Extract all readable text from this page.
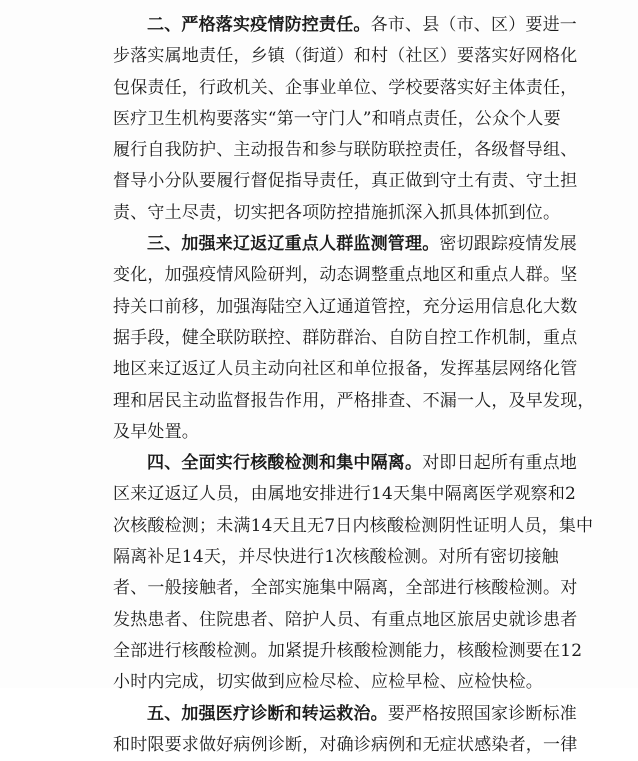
二、严格落实疫情防控责任。各市、县（市、区）要进一
步落实属地责任，乡镇（街道）和村（社区）要落实好网格化
包保责任，行政机关、企事业单位、学校要落实好主体责任，
医疗卫生机构要落实“第一守门人”和哨点责任，公众个人要
履行自我防护、主动报告和参与联防联控责任，各级督导组、
督导小分队要履行督促指导责任，真正做到守土有责、守土担
责、守土尽责，切实把各项防控措施抓深入抓具体抓到位。
三、加强来辽返辽重点人群监测管理。密切跟踪疫情发展
变化，加强疫情风险研判，动态调整重点地区和重点人群。坚
持关口前移，加强海陆空入辽通道管控，充分运用信息化大数
据手段，健全联防联控、群防群治、自防自控工作机制，重点
地区来辽返辽人员主动向社区和单位报备，发挥基层网络化管
理和居民主动监督报告作用，严格排查、不漏一人，及早发现，
及早处置。
四、全面实行核酸检测和集中隔离。对即日起所有重点地
区来辽返辽人员，由属地安排进行14天集中隔离医学观察和2
次核酸检测；未满14天且无7日内核酸检测阴性证明人员，集中
隔离补足14天，并尽快进行1次核酸检测。对所有密切接触
者、一般接触者，全部实施集中隔离，全部进行核酸检测。对
发热患者、住院患者、陪护人员、有重点地区旅居史就诊患者
全部进行核酸检测。加紧提升核酸检测能力，核酸检测要在12
小时内完成，切实做到应检尽检、应检早检、应检快检。
五、加强医疗诊断和转运救治。要严格按照国家诊断标准
和时限要求做好病例诊断，对确诊病例和无症状感染者，一律
